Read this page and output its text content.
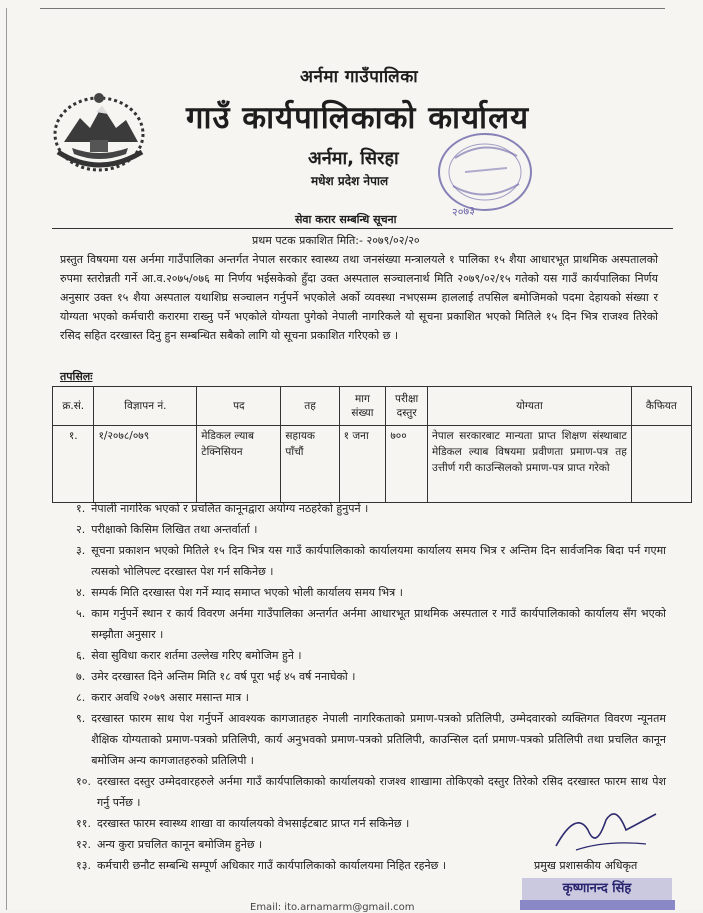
अर्नमा गाउँपालिका
गाउँ कार्यपालिकाको कार्यालय
अर्नमा, सिरहा
मधेश प्रदेश नेपाल
२०७३
सेवा करार सम्बन्धि सूचना
प्रथम पटक प्रकाशित मिति:- २०७९/०२/२०
प्रस्तुत विषयमा यस अर्नमा गाउँपालिका अन्तर्गत नेपाल सरकार स्वास्थ्य तथा जनसंख्या मन्त्रालयले १ पालिका १५ शैया आधारभूत प्राथमिक अस्पतालको रुपमा स्तरोन्नती गर्ने आ.व.२०७५/०७६ मा निर्णय भईसकेको हुँदा उक्त अस्पताल सञ्चालनार्थ मिति २०७९/०२/१५ गतेको यस गाउँ कार्यपालिका निर्णय अनुसार उक्त १५ शैया अस्पताल यथाशिघ्र सञ्चालन गर्नुपर्ने भएकोले अर्को व्यवस्था नभएसम्म हाललाई तपसिल बमोजिमको पदमा देहायको संख्या र योग्यता भएको कर्मचारी करारमा राख्नु पर्ने भएकोले योग्यता पुगेको नेपाली नागरिकले यो सूचना प्रकाशित भएको मितिले १५ दिन भित्र राजश्व तिरेको रसिद सहित दरखास्त दिनु हुन सम्बन्धित सबैको लागि यो सूचना प्रकाशित गरिएको छ ।
तपसिलः
क्र.सं.	विज्ञापन नं.	पद	तह	माग संख्या	परीक्षा दस्तुर	योग्यता	कैफियत
१.	१/२०७८/०७९	मेडिकल ल्याब टेक्निसियन	सहायक पाँचौं	१ जना	७००	नेपाल सरकारबाट मान्यता प्राप्त शिक्षण संस्थाबाट मेडिकल ल्याब विषयमा प्रवीणता प्रमाण-पत्र तह उत्तीर्ण गरी काउन्सिलको प्रमाण-पत्र प्राप्त गरेको	
१. नेपाली नागरिक भएको र प्रचलित कानूनद्वारा अयोग्य नठहरेको हुनुपर्ने ।
२. परीक्षाको किसिम लिखित तथा अन्तर्वार्ता ।
३. सूचना प्रकाशन भएको मितिले १५ दिन भित्र यस गाउँ कार्यपालिकाको कार्यालयमा कार्यालय समय भित्र र अन्तिम दिन सार्वजनिक बिदा पर्न गएमा त्यसको भोलिपल्ट दरखास्त पेश गर्न सकिनेछ ।
४. सम्पर्क मिति दरखास्त पेश गर्ने म्याद समाप्त भएको भोली कार्यालय समय भित्र ।
५. काम गर्नुपर्ने स्थान र कार्य विवरण अर्नमा गाउँपालिका अन्तर्गत अर्नमा आधारभूत प्राथमिक अस्पताल र गाउँ कार्यपालिकाको कार्यालय सँग भएको सम्झौता अनुसार ।
६. सेवा सुविधा करार शर्तमा उल्लेख गरिए बमोजिम हुने ।
७. उमेर दरखास्त दिने अन्तिम मिति १८ वर्ष पूरा भई ४५ वर्ष ननाघेको ।
८. करार अवधि २०७९ असार मसान्त मात्र ।
९. दरखास्त फारम साथ पेश गर्नुपर्ने आवश्यक कागजातहरु नेपाली नागरिकताको प्रमाण-पत्रको प्रतिलिपी, उम्मेदवारको व्यक्तिगत विवरण न्यूनतम शैक्षिक योग्यताको प्रमाण-पत्रको प्रतिलिपी, कार्य अनुभवको प्रमाण-पत्रको प्रतिलिपी, काउन्सिल दर्ता प्रमाण-पत्रको प्रतिलिपी तथा प्रचलित कानून बमोजिम अन्य कागजातहरुको प्रतिलिपी ।
१०. दरखास्त दस्तुर उम्मेदवारहरुले अर्नमा गाउँ कार्यपालिकाको कार्यालयको राजश्व शाखामा तोकिएको दस्तुर तिरेको रसिद दरखास्त फारम साथ पेश गर्नु पर्नेछ ।
११. दरखास्त फारम स्वास्थ्य शाखा वा कार्यालयको वेभसाईटबाट प्राप्त गर्न सकिनेछ ।
१२. अन्य कुरा प्रचलित कानून बमोजिम हुनेछ ।
१३. कर्मचारी छनौट सम्बन्धि सम्पूर्ण अधिकार गाउँ कार्यपालिकाको कार्यालयमा निहित रहनेछ ।	प्रमुख प्रशासकीय अधिकृत
कृष्णानन्द सिंह
Email: ito.arnamarm@gmail.com
